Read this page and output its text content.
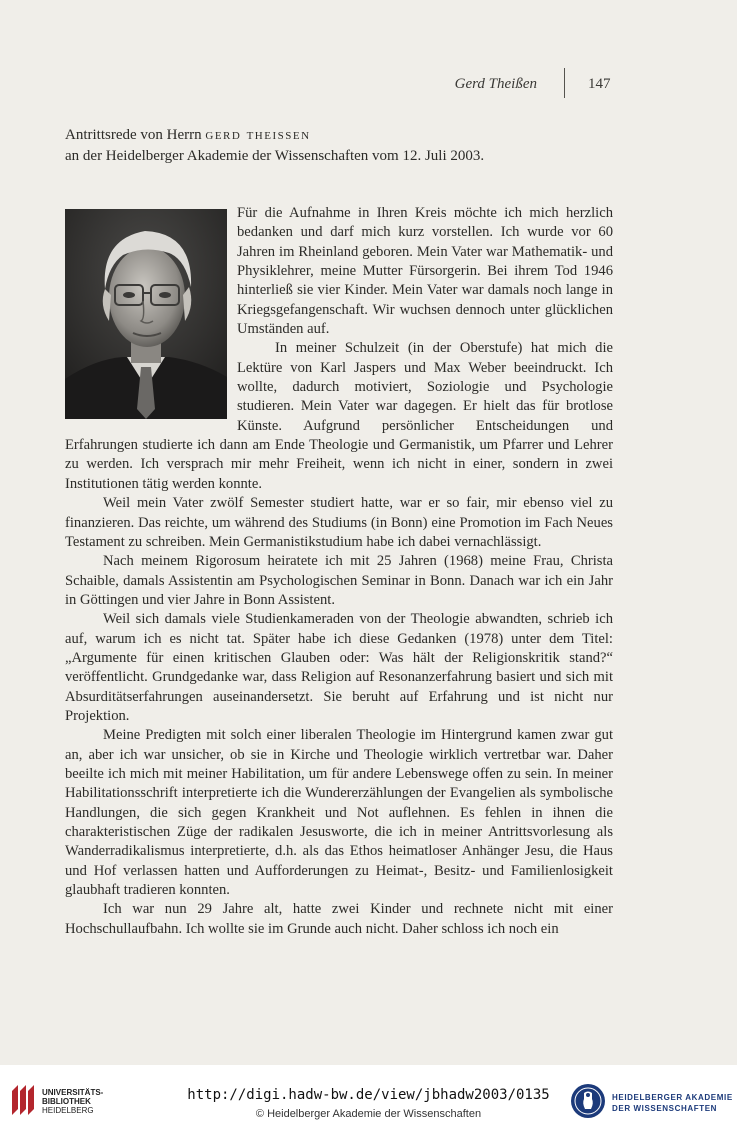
Gerd Theißen	147
Antrittsrede von Herrn gerd theissen
an der Heidelberger Akademie der Wissenschaften vom 12. Juli 2003.

Für die Aufnahme in Ihren Kreis möchte ich mich herzlich bedanken und darf mich kurz vorstellen. Ich wurde vor 60 Jahren im Rheinland geboren. Mein Vater war Mathematik- und Physiklehrer, meine Mutter Fürsorgerin. Bei ihrem Tod 1946 hinterließ sie vier Kinder. Mein Vater war damals noch lange in Kriegsgefangenschaft. Wir wuchsen dennoch unter glücklichen Umständen auf.

In meiner Schulzeit (in der Oberstufe) hat mich die Lektüre von Karl Jaspers und Max Weber beeindruckt. Ich wollte, dadurch motiviert, Soziologie und Psychologie studieren. Mein Vater war dagegen. Er hielt das für brotlose Künste. Aufgrund persönlicher Entscheidungen und Erfahrungen studierte ich dann am Ende Theologie und Germanistik, um Pfarrer und Lehrer zu werden. Ich versprach mir mehr Freiheit, wenn ich nicht in einer, sondern in zwei Institutionen tätig werden konnte.

Weil mein Vater zwölf Semester studiert hatte, war er so fair, mir ebenso viel zu finanzieren. Das reichte, um während des Studiums (in Bonn) eine Promotion im Fach Neues Testament zu schreiben. Mein Germanistikstudium habe ich dabei vernachlässigt.

Nach meinem Rigorosum heiratete ich mit 25 Jahren (1968) meine Frau, Christa Schaible, damals Assistentin am Psychologischen Seminar in Bonn. Danach war ich ein Jahr in Göttingen und vier Jahre in Bonn Assistent.

Weil sich damals viele Studienkameraden von der Theologie abwandten, schrieb ich auf, warum ich es nicht tat. Später habe ich diese Gedanken (1978) unter dem Titel: „Argumente für einen kritischen Glauben oder: Was hält der Religionskritik stand?“ veröffentlicht. Grundgedanke war, dass Religion auf Resonanzerfahrung basiert und sich mit Absurditätserfahrungen auseinandersetzt. Sie beruht auf Erfahrung und ist nicht nur Projektion.

Meine Predigten mit solch einer liberalen Theologie im Hintergrund kamen zwar gut an, aber ich war unsicher, ob sie in Kirche und Theologie wirklich vertretbar war. Daher beeilte ich mich mit meiner Habilitation, um für andere Lebenswege offen zu sein. In meiner Habilitationsschrift interpretierte ich die Wundererzählungen der Evangelien als symbolische Handlungen, die sich gegen Krankheit und Not auflehnen. Es fehlen in ihnen die charakteristischen Züge der radikalen Jesusworte, die ich in meiner Antrittsvorlesung als Wanderradikalismus interpretierte, d.h. als das Ethos heimatloser Anhänger Jesu, die Haus und Hof verlassen hatten und Aufforderungen zu Heimat-, Besitz- und Familienlosigkeit glaubhaft tradieren konnten.

Ich war nun 29 Jahre alt, hatte zwei Kinder und rechnete nicht mit einer Hochschullaufbahn. Ich wollte sie im Grunde auch nicht. Daher schloss ich noch ein

UNIVERSITÄTS-
BIBLIOTHEK
HEIDELBERG
http://digi.hadw-bw.de/view/jbhadw2003/0135
© Heidelberger Akademie der Wissenschaften
HEIDELBERGER AKADEMIE
DER WISSENSCHAFTEN
